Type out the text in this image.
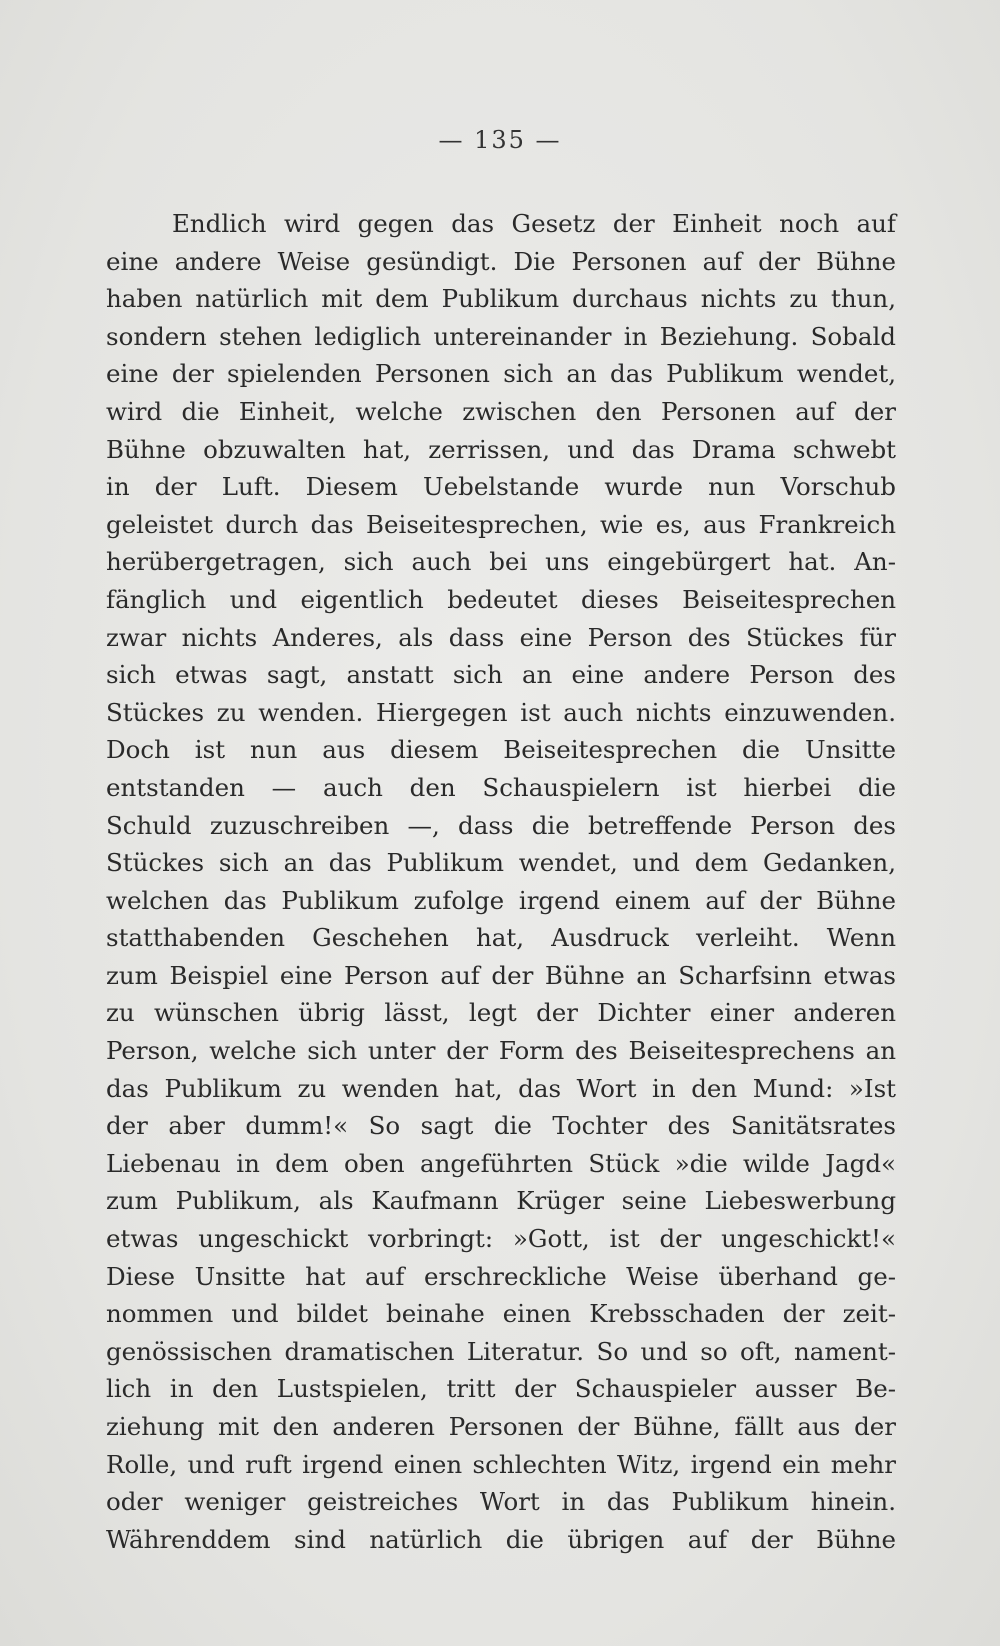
— 135 —
Endlich wird gegen das Gesetz der Einheit noch auf
eine andere Weise gesündigt. Die Personen auf der Bühne
haben natürlich mit dem Publikum durchaus nichts zu thun,
sondern stehen lediglich untereinander in Beziehung. Sobald
eine der spielenden Personen sich an das Publikum wendet,
wird die Einheit, welche zwischen den Personen auf der
Bühne obzuwalten hat, zerrissen, und das Drama schwebt
in der Luft. Diesem Uebelstande wurde nun Vorschub
geleistet durch das Beiseitesprechen, wie es, aus Frankreich
herübergetragen, sich auch bei uns eingebürgert hat. An-
fänglich und eigentlich bedeutet dieses Beiseitesprechen
zwar nichts Anderes, als dass eine Person des Stückes für
sich etwas sagt, anstatt sich an eine andere Person des
Stückes zu wenden. Hiergegen ist auch nichts einzuwenden.
Doch ist nun aus diesem Beiseitesprechen die Unsitte
entstanden — auch den Schauspielern ist hierbei die
Schuld zuzuschreiben —, dass die betreffende Person des
Stückes sich an das Publikum wendet, und dem Gedanken,
welchen das Publikum zufolge irgend einem auf der Bühne
statthabenden Geschehen hat, Ausdruck verleiht. Wenn
zum Beispiel eine Person auf der Bühne an Scharfsinn etwas
zu wünschen übrig lässt, legt der Dichter einer anderen
Person, welche sich unter der Form des Beiseitesprechens an
das Publikum zu wenden hat, das Wort in den Mund: »Ist
der aber dumm!« So sagt die Tochter des Sanitätsrates
Liebenau in dem oben angeführten Stück »die wilde Jagd«
zum Publikum, als Kaufmann Krüger seine Liebeswerbung
etwas ungeschickt vorbringt: »Gott, ist der ungeschickt!«
Diese Unsitte hat auf erschreckliche Weise überhand ge-
nommen und bildet beinahe einen Krebsschaden der zeit-
genössischen dramatischen Literatur. So und so oft, nament-
lich in den Lustspielen, tritt der Schauspieler ausser Be-
ziehung mit den anderen Personen der Bühne, fällt aus der
Rolle, und ruft irgend einen schlechten Witz, irgend ein mehr
oder weniger geistreiches Wort in das Publikum hinein.
Währenddem sind natürlich die übrigen auf der Bühne
